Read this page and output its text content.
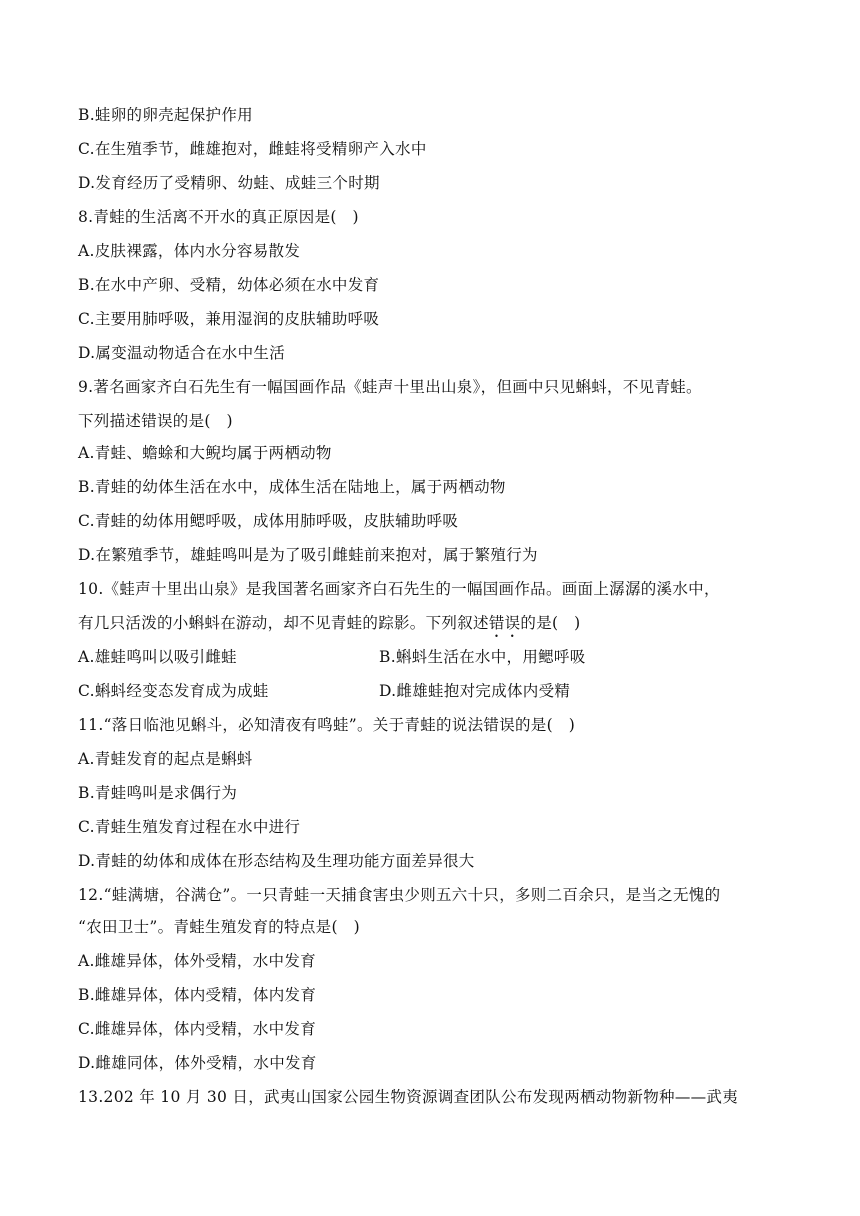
B.蛙卵的卵壳起保护作用
C.在生殖季节，雌雄抱对，雌蛙将受精卵产入水中
D.发育经历了受精卵、幼蛙、成蛙三个时期
8.青蛙的生活离不开水的真正原因是(　)
A.皮肤裸露，体内水分容易散发
B.在水中产卵、受精，幼体必须在水中发育
C.主要用肺呼吸，兼用湿润的皮肤辅助呼吸
D.属变温动物适合在水中生活
9.著名画家齐白石先生有一幅国画作品《蛙声十里出山泉》，但画中只见蝌蚪，不见青蛙。
下列描述错误的是(　)
A.青蛙、蟾蜍和大鲵均属于两栖动物
B.青蛙的幼体生活在水中，成体生活在陆地上，属于两栖动物
C.青蛙的幼体用鳃呼吸，成体用肺呼吸，皮肤辅助呼吸
D.在繁殖季节，雄蛙鸣叫是为了吸引雌蛙前来抱对，属于繁殖行为
10.《蛙声十里出山泉》是我国著名画家齐白石先生的一幅国画作品。画面上潺潺的溪水中，
有几只活泼的小蝌蚪在游动，却不见青蛙的踪影。下列叙述错误的是(　)
A.雄蛙鸣叫以吸引雌蛙	B.蝌蚪生活在水中，用鳃呼吸
C.蝌蚪经变态发育成为成蛙	D.雌雄蛙抱对完成体内受精
11.“落日临池见蝌斗，必知清夜有鸣蛙”。关于青蛙的说法错误的是(　)
A.青蛙发育的起点是蝌蚪
B.青蛙鸣叫是求偶行为
C.青蛙生殖发育过程在水中进行
D.青蛙的幼体和成体在形态结构及生理功能方面差异很大
12.“蛙满塘，谷满仓”。一只青蛙一天捕食害虫少则五六十只，多则二百余只，是当之无愧的
“农田卫士”。青蛙生殖发育的特点是(　)
A.雌雄异体，体外受精，水中发育
B.雌雄异体，体内受精，体内发育
C.雌雄异体，体内受精，水中发育
D.雌雄同体，体外受精，水中发育
13.202 年 10 月 30 日，武夷山国家公园生物资源调查团队公布发现两栖动物新物种——武夷
